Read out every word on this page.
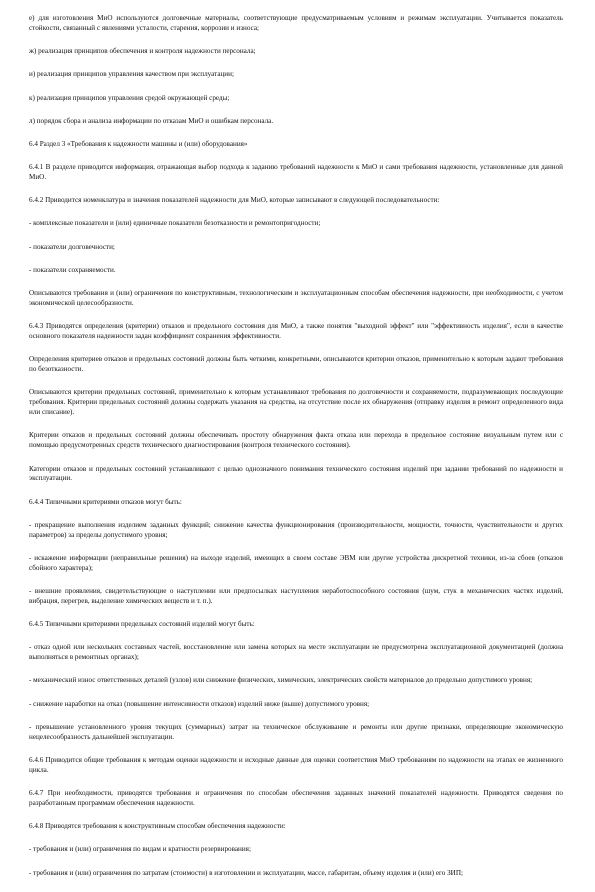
е) для изготовления МиО используются долговечные материалы, соответствующие предусматриваемым условиям и режимам эксплуатации. Учитывается показатель стойкости, связанный с явлениями усталости, старения, коррозии и износа;

ж) реализация принципов обеспечения и контроля надежности персонала;

и) реализация принципов управления качеством при эксплуатации;

к) реализация принципов управления средой окружающей среды;

л) порядок сбора и анализа информации по отказам МиО и ошибкам персонала.

6.4 Раздел 3 «Требования к надежности машины и (или) оборудования»

6.4.1 В разделе приводится информация, отражающая выбор подхода к заданию требований надежности к МиО и сами требования надежности, установленные для данной МиО.

6.4.2 Приводится номенклатура и значения показателей надежности для МиО, которые записывают в следующей последовательности:

- комплексные показатели и (или) единичные показатели безотказности и ремонтопригодности;

- показатели долговечности;

- показатели сохраняемости.

Описываются требования и (или) ограничения по конструктивным, технологическим и эксплуатационным способам обеспечения надежности, при необходимости, с учетом экономической целесообразности.

6.4.3 Приводятся определения (критерии) отказов и предельного состояния для МиО, а также понятия "выходной эффект" или "эффективность изделия", если в качестве основного показателя надежности задан коэффициент сохранения эффективности.

Определения критериев отказов и предельных состояний должны быть четкими, конкретными, описываются критерии отказов, применительно к которым задают требования по безотказности.

Описываются критерии предельных состояний, применительно к которым устанавливают требования по долговечности и сохраняемости, подразумевающих последующие требования. Критерии предельных состояний должны содержать указания на средства, на отсутствие после их обнаружения (отправку изделия в ремонт определенного вида или списание).

Критерии отказов и предельных состояний должны обеспечивать простоту обнаружения факта отказа или перехода в предельное состояние визуальным путем или с помощью предусмотренных средств технического диагностирования (контроля технического состояния).

Категории отказов и предельных состояний устанавливают с целью однозначного понимания технического состояния изделий при задании требований по надежности и эксплуатации.

6.4.4 Типичными критериями отказов могут быть:

- прекращение выполнения изделием заданных функций; снижение качества функционирования (производительности, мощности, точности, чувствительности и других параметров) за пределы допустимого уровня;

- искажение информации (неправильные решения) на выходе изделий, имеющих в своем составе ЭВМ или другие устройства дискретной техники, из-за сбоев (отказов сбойного характера);

- внешние проявления, свидетельствующие о наступлении или предпосылках наступления неработоспособного состояния (шум, стук в механических частях изделий, вибрация, перегрев, выделение химических веществ и т. п.).

6.4.5 Типичными критериями предельных состояний изделий могут быть:

- отказ одной или нескольких составных частей, восстановление или замена которых на месте эксплуатации не предусмотрена эксплуатационной документацией (должна выполняться в ремонтных органах);

- механический износ ответственных деталей (узлов) или снижение физических, химических, электрических свойств материалов до предельно допустимого уровня;

- снижение наработки на отказ (повышение интенсивности отказов) изделий ниже (выше) допустимого уровня;

- превышение установленного уровня текущих (суммарных) затрат на техническое обслуживание и ремонты или другие признаки, определяющие экономическую нецелесообразность дальнейшей эксплуатации.

6.4.6 Приводится общие требования к методам оценки надежности и исходные данные для оценки соответствия МиО требованиям по надежности на этапах ее жизненного цикла.

6.4.7 При необходимости, приводятся требования и ограничения по способам обеспечения заданных значений показателей надежности. Приводятся сведения по разработанным программам обеспечения надежности.

6.4.8 Приводятся требования к конструктивным способам обеспечения надежности:

- требования и (или) ограничения по видам и кратности резервирования;

- требования и (или) ограничения по затратам (стоимости) в изготовлении и эксплуатации, массе, габаритам, объему изделия и (или) его ЗИП;
